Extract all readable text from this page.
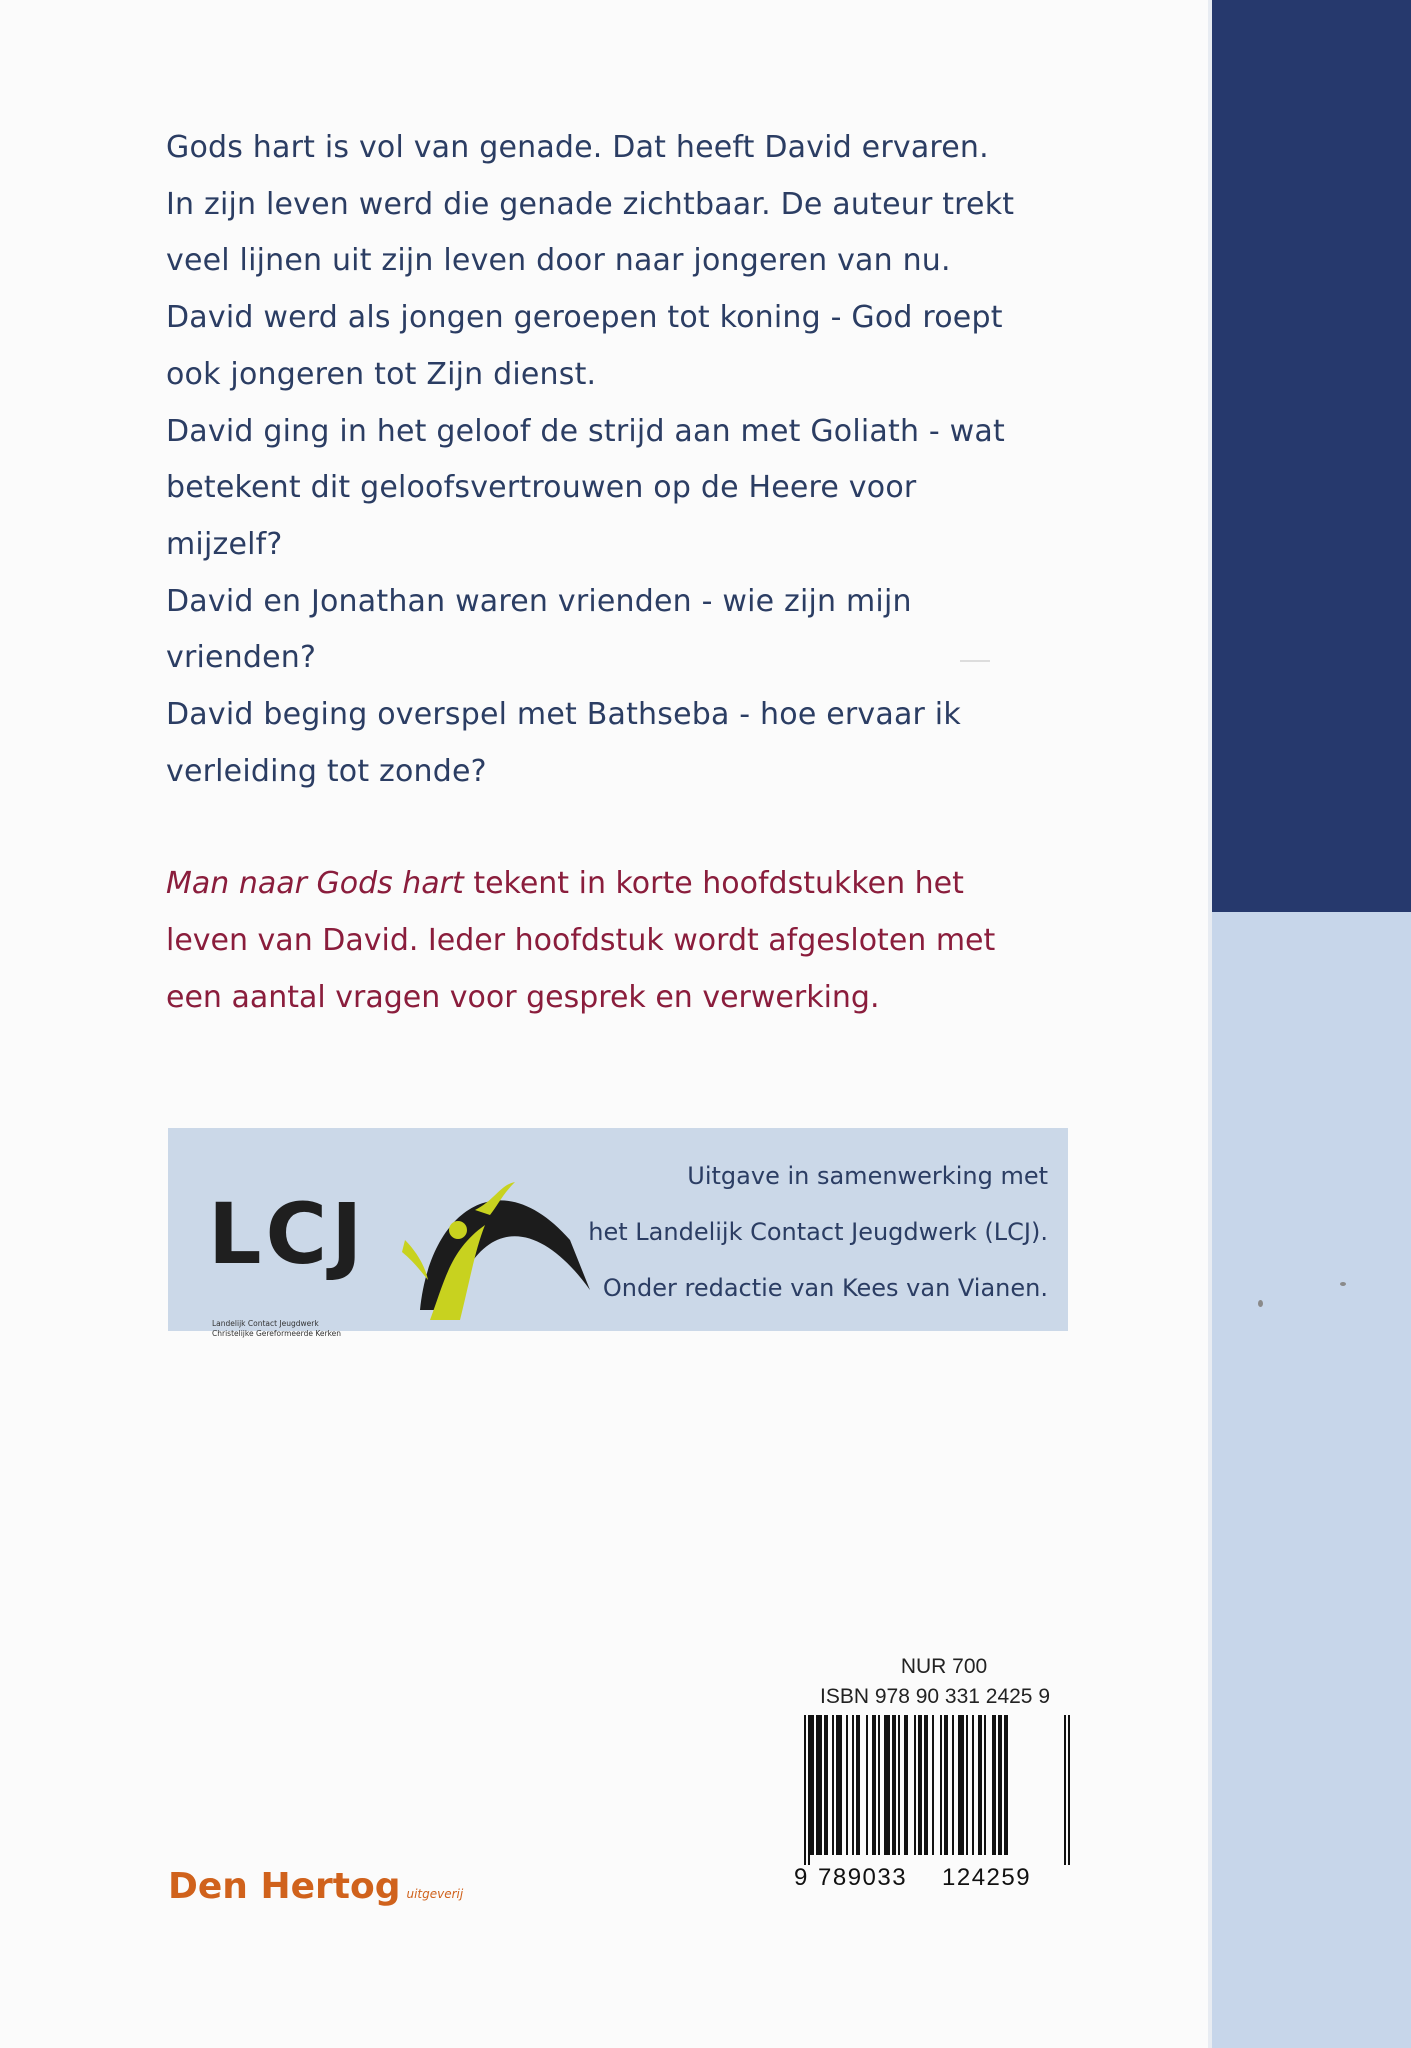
Gods hart is vol van genade. Dat heeft David ervaren.

In zijn leven werd die genade zichtbaar. De auteur trekt

veel lijnen uit zijn leven door naar jongeren van nu.

David werd als jongen geroepen tot koning - God roept

ook jongeren tot Zijn dienst.

David ging in het geloof de strijd aan met Goliath - wat

betekent dit geloofsvertrouwen op de Heere voor

mijzelf?

David en Jonathan waren vrienden - wie zijn mijn

vrienden?

David beging overspel met Bathseba - hoe ervaar ik

verleiding tot zonde?

Man naar Gods hart tekent in korte hoofdstukken het

leven van David. Ieder hoofdstuk wordt afgesloten met

een aantal vragen voor gesprek en verwerking.

LCJ
Landelijk Contact Jeugdwerk
Christelijke Gereformeerde Kerken
Uitgave in samenwerking met
het Landelijk Contact Jeugdwerk (LCJ).
Onder redactie van Kees van Vianen.
NUR 700
ISBN 978 90 331 2425 9
9 789033 124259
Den Hertog uitgeverij
